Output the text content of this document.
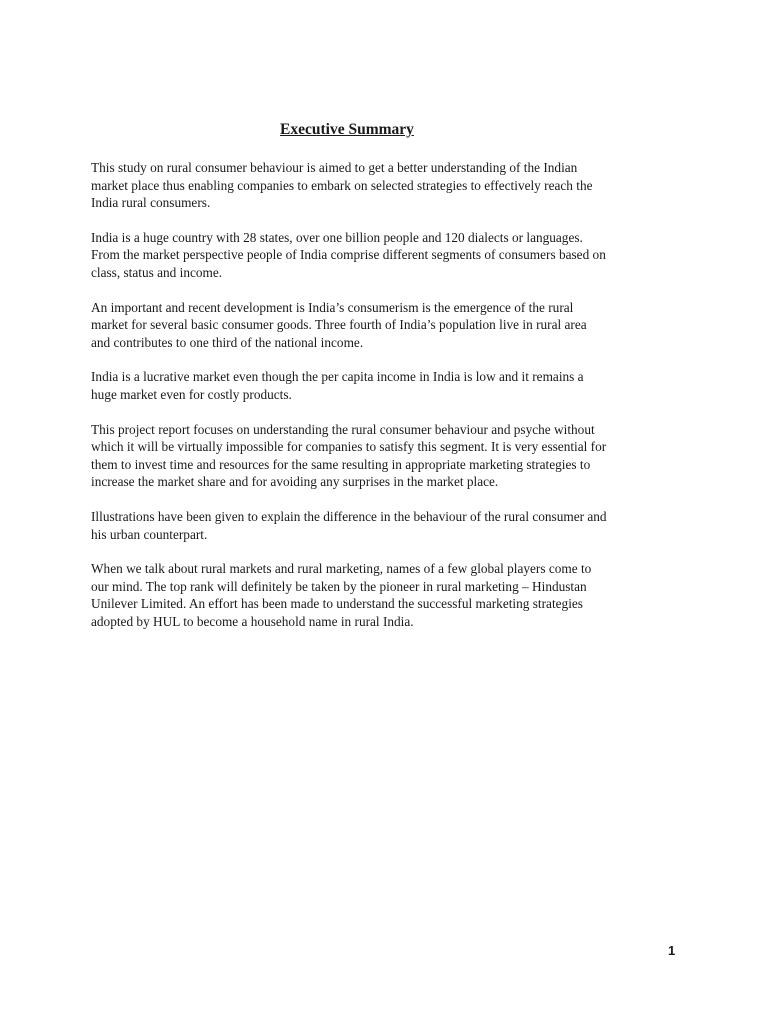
Executive Summary

This study on rural consumer behaviour is aimed to get a better understanding of the Indian
market place thus enabling companies to embark on selected strategies to effectively reach the
India rural consumers.

India is a huge country with 28 states, over one billion people and 120 dialects or languages.
From the market perspective people of India comprise different segments of consumers based on
class, status and income.

An important and recent development is India’s consumerism is the emergence of the rural
market for several basic consumer goods. Three fourth of India’s population live in rural area
and contributes to one third of the national income.

India is a lucrative market even though the per capita income in India is low and it remains a
huge market even for costly products.

This project report focuses on understanding the rural consumer behaviour and psyche without
which it will be virtually impossible for companies to satisfy this segment. It is very essential for
them to invest time and resources for the same resulting in appropriate marketing strategies to
increase the market share and for avoiding any surprises in the market place.

Illustrations have been given to explain the difference in the behaviour of the rural consumer and
his urban counterpart.

When we talk about rural markets and rural marketing, names of a few global players come to
our mind. The top rank will definitely be taken by the pioneer in rural marketing – Hindustan
Unilever Limited. An effort has been made to understand the successful marketing strategies
adopted by HUL to become a household name in rural India.

1
